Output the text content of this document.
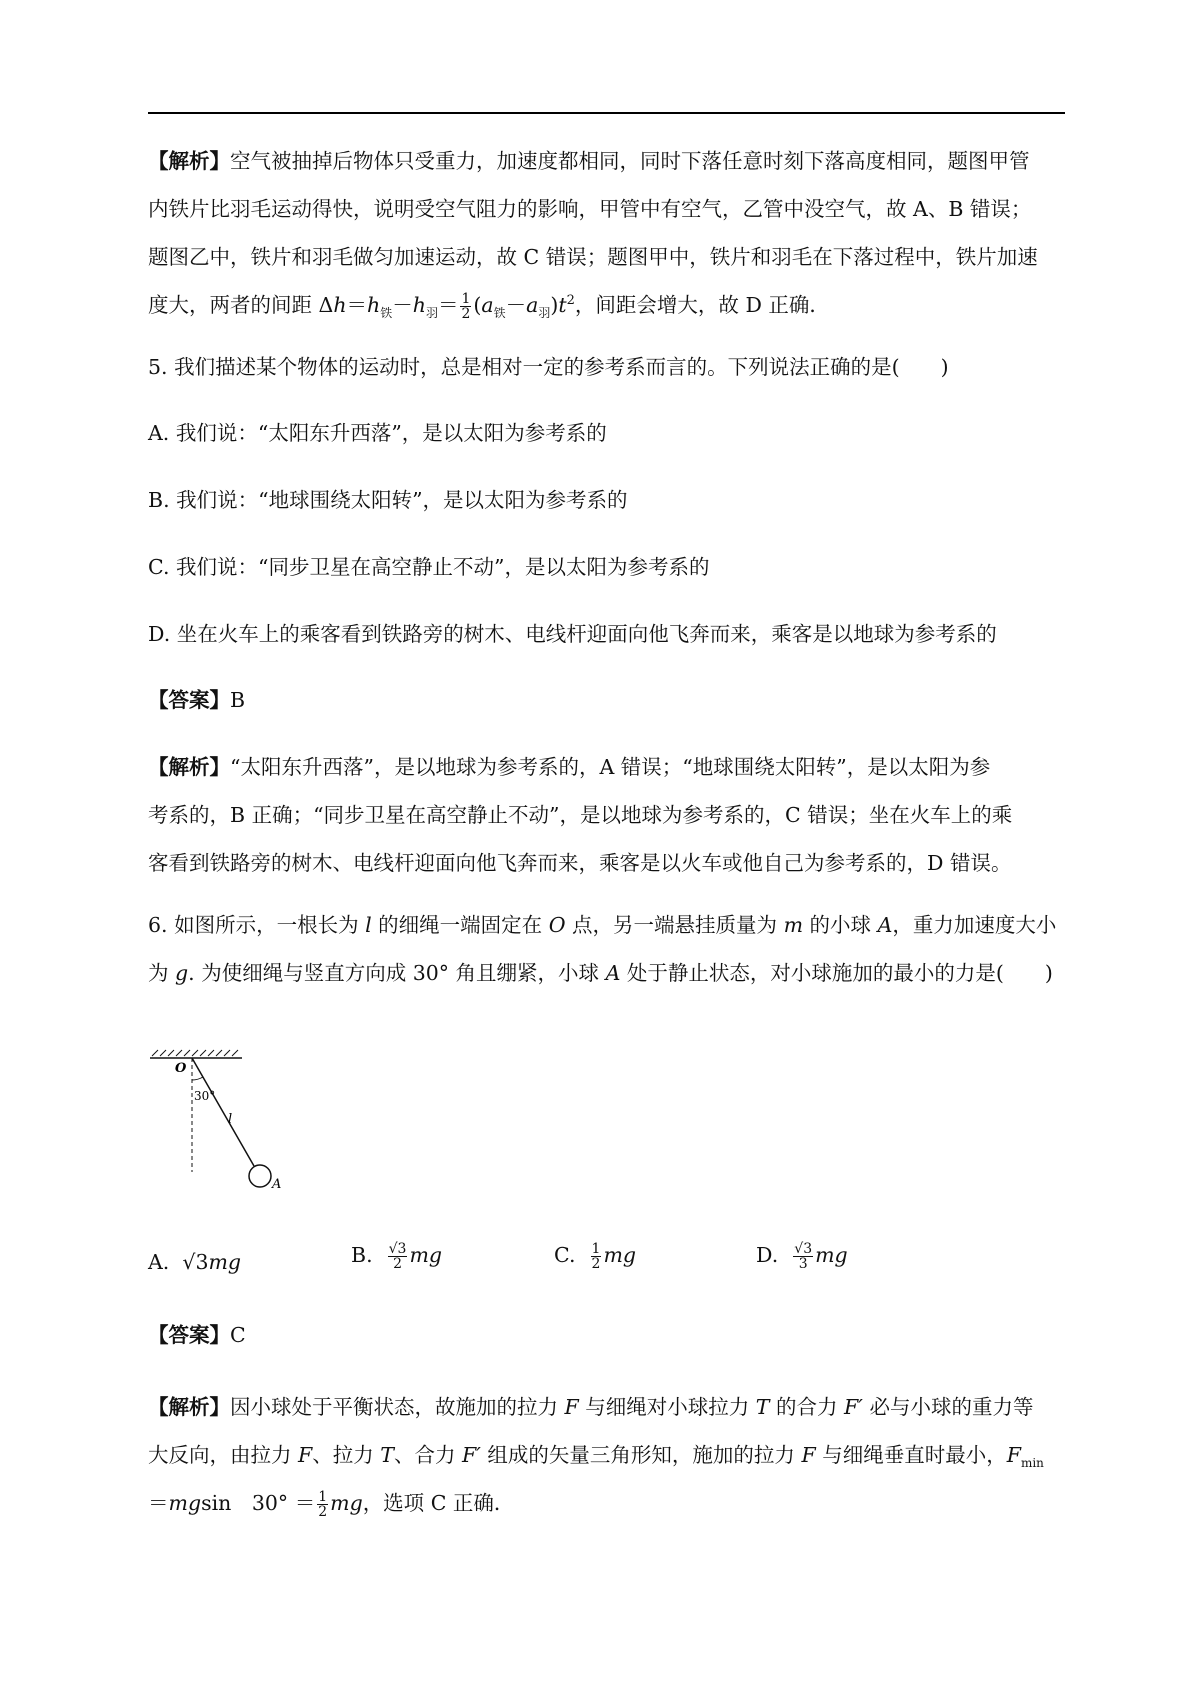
【解析】空气被抽掉后物体只受重力，加速度都相同，同时下落任意时刻下落高度相同，题图甲管
内铁片比羽毛运动得快，说明受空气阻力的影响，甲管中有空气，乙管中没空气，故 A、B 错误；
题图乙中，铁片和羽毛做匀加速运动，故 C 错误；题图甲中，铁片和羽毛在下落过程中，铁片加速
度大，两者的间距 $\Delta h=h_铁-h_羽= \frac{1}{2} (a_铁-a_羽)t^2$，间距会增大，故 D 正确．
5. 我们描述某个物体的运动时，总是相对一定的参考系而言的。下列说法正确的是(　　)
A. 我们说：“太阳东升西落”，是以太阳为参考系的
B. 我们说：“地球围绕太阳转”，是以太阳为参考系的
C. 我们说：“同步卫星在高空静止不动”，是以太阳为参考系的
D. 坐在火车上的乘客看到铁路旁的树木、电线杆迎面向他飞奔而来，乘客是以地球为参考系的
【答案】B
【解析】“太阳东升西落”，是以地球为参考系的，A 错误；“地球围绕太阳转”，是以太阳为参
考系的，B 正确；“同步卫星在高空静止不动”，是以地球为参考系的，C 错误；坐在火车上的乘
客看到铁路旁的树木、电线杆迎面向他飞奔而来，乘客是以火车或他自己为参考系的，D 错误。
6. 如图所示，一根长为 l 的细绳一端固定在 O 点，另一端悬挂质量为 m 的小球 A，重力加速度大小
为 g. 为使细绳与竖直方向成 30° 角且绷紧，小球 A 处于静止状态，对小球施加的最小的力是(　　)
O
30°
l
A
A. √3mg	B. $\frac{√3}{2}$ mg	C. $\frac{1}{2}$ mg	D. $\frac{√3}{3}$ mg
【答案】C
【解析】因小球处于平衡状态，故施加的拉力 F 与细绳对小球拉力 T 的合力 F′ 必与小球的重力等
大反向，由拉力 F、拉力 T、合力 F′ 组成的矢量三角形知，施加的拉力 F 与细绳垂直时最小，$F_{min}$
＝mgsin　$30^\circ = \frac{1}{2}$ mg，选项 C 正确．
